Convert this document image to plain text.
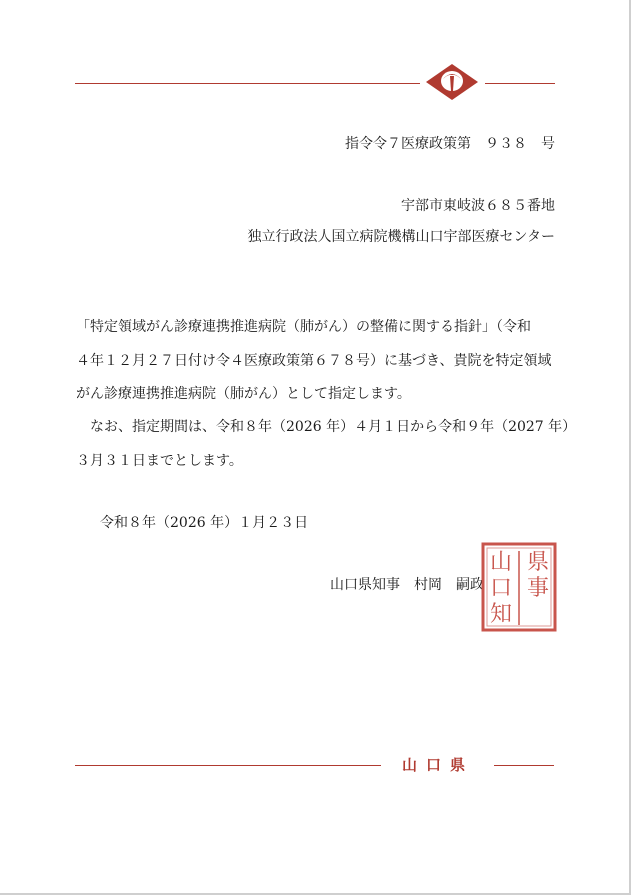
指令令７医療政策第　９３８　号
宇部市東岐波６８５番地
独立行政法人国立病院機構山口宇部医療センター
「特定領域がん診療連携推進病院（肺がん）の整備に関する指針」（令和
４年１２月２７日付け令４医療政策第６７８号）に基づき、貴院を特定領域
がん診療連携推進病院（肺がん）として指定します。
　なお、指定期間は、令和８年（2026 年）４月１日から令和９年（2027 年）
３月３１日までとします。
令和８年（2026 年）１月２３日
山口県知事　村岡　嗣政
県
事
山
口
知
山口県
